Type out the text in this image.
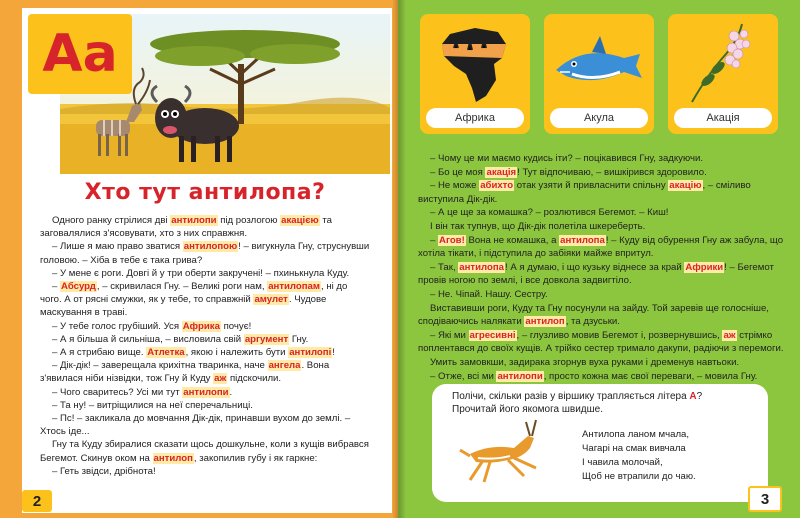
Аа
Хто тут антилопа?

Одного ранку стрілися дві антилопи під розлогою акацією та заговалялися з'ясовувати, хто з них справжня.

– Лише я маю право зватися антилопою! – вигукнула Гну, струснувши головою. – Хіба в тебе є така грива?

– У мене є роги. Довгі й у три оберти закручені! – пхинькнула Куду.

– Абсурд, – скривилася Гну. – Великі роги нам, антилопам, ні до чого. А от рясні смужки, як у тебе, то справжній амулет. Чудове маскування в траві.

– У тебе голос грубіший. Уся Африка почує!

– А я більша й сильніша, – висловила свій аргумент Гну.

– А я стрибаю вище. Атлетка, якою і належить бути антилопі!

– Дік-дік! – заверещала крихітна тваринка, наче ангела. Вона з'явилася ніби нізвідки, тож Гну й Куду аж підскочили.

– Чого сваритесь? Усі ми тут антилопи.

– Та ну! – витріщилися на неї сперечальниці.

– Пс! – закликала до мовчання Дік-дік, принавши вухом до землі. – Хтось іде...

Гну та Куду збиралися сказати щось дошкульне, коли з кущів вибрався Бегемот. Скинув оком на антилоп, закопилив губу і як гаркне:

– Геть звідси, дрібнота!

2
Африка	Акула	Акація

– Чому це ми маємо кудись іти? – поцікавився Гну, задкуючи.

– Бо це моя акація! Тут відпочиваю, – вишкірився здоровило.

– Не може абихто отак узяти й привласнити спільну акацію, – сміливо виступила Дік-дік.

– А це ще за комашка? – розлютився Бегемот. – Киш!

І він так тупнув, що Дік-дік полетіла шкереберть.

– Агов! Вона не комашка, а антилопа! – Куду від обурення Гну аж забула, що хотіла тікати, і підступила до забіяки майже впритул.

– Так, антилопа! А я думаю, і що кузьку віднесе за край Африки! – Бегемот провів ногою по землі, і все довкола задвигтіло.

– Не. Чіпай. Нашу. Сестру.

Виставивши роги, Куду та Гну посунули на зайду. Той заревів ще голосніше, сподіваючись налякати антилоп, та дзуськи.

– Які ми агресивні, – глузливо мовив Бегемот і, розвернувшись, аж стрімко поплентався до своїх кущів. А трійко сестер тримало дакупи, радіючи з перемоги.

Умить замовкши, задирака згорнув вуха руками і дременув навтьоки.

– Отже, всі ми антилопи, просто кожна має свої переваги, – мовила Гну.

Полічи, скільки разів у віршику трапляється літера А?
Прочитай його якомога швидше.
Антилопа ланом мчала,
Чагарі на смак вивчала
І чавила молочай,
Щоб не втрапили до чаю.
3
